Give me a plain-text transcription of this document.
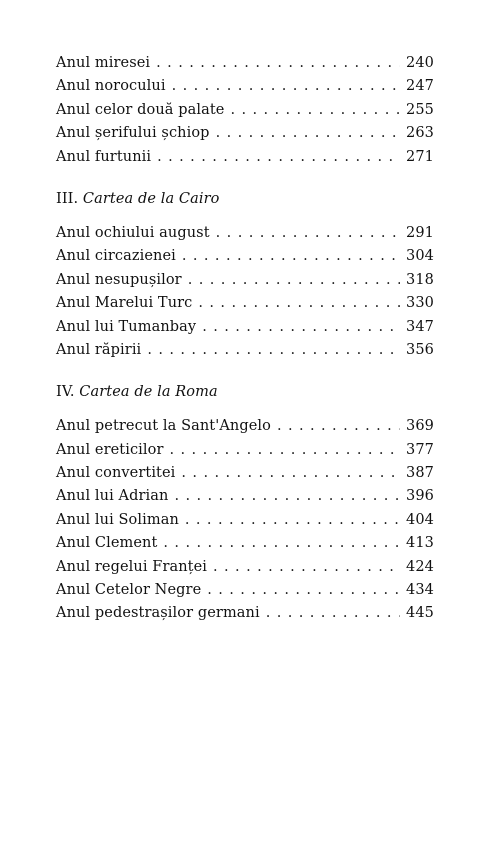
Anul miresei . . .	240
Anul norocului . . .	247
Anul celor două palate . . .	255
Anul șerifului șchiop . . .	263
Anul furtunii . . .	271
III. Cartea de la Cairo
Anul ochiului august . . .	291
Anul circazienei . . .	304
Anul nesupușilor . . .	318
Anul Marelui Turc . . .	330
Anul lui Tumanbay . . .	347
Anul răpirii . . .	356
IV. Cartea de la Roma
Anul petrecut la Sant'Angelo . . .	369
Anul ereticilor . . .	377
Anul convertitei . . .	387
Anul lui Adrian . . .	396
Anul lui Soliman . . .	404
Anul Clement . . .	413
Anul regelui Franței . . .	424
Anul Cetelor Negre . . .	434
Anul pedestrașilor germani . . .	445
